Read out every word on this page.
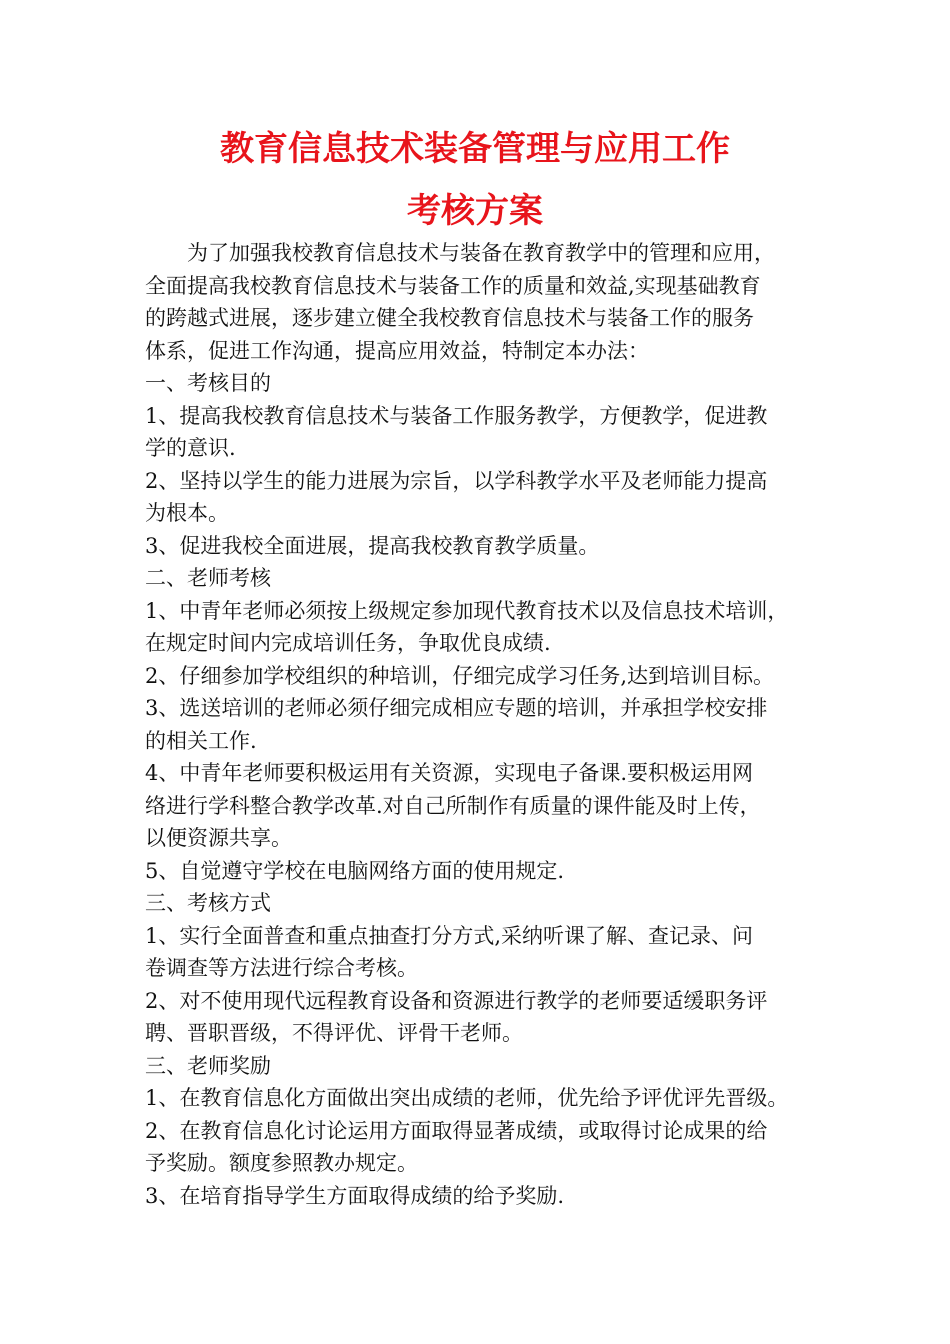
教育信息技术装备管理与应用工作
考核方案

为了加强我校教育信息技术与装备在教育教学中的管理和应用，

全面提高我校教育信息技术与装备工作的质量和效益,实现基础教育

的跨越式进展，逐步建立健全我校教育信息技术与装备工作的服务

体系，促进工作沟通，提高应用效益，特制定本办法：

一、考核目的

1、提高我校教育信息技术与装备工作服务教学，方便教学，促进教

学的意识.

2、坚持以学生的能力进展为宗旨，以学科教学水平及老师能力提高

为根本。

3、促进我校全面进展，提高我校教育教学质量。

二、老师考核

1、中青年老师必须按上级规定参加现代教育技术以及信息技术培训，

在规定时间内完成培训任务，争取优良成绩.

2、仔细参加学校组织的种培训，仔细完成学习任务,达到培训目标。

3、选送培训的老师必须仔细完成相应专题的培训，并承担学校安排

的相关工作.

4、中青年老师要积极运用有关资源，实现电子备课.要积极运用网

络进行学科整合教学改革.对自己所制作有质量的课件能及时上传，

以便资源共享。

5、自觉遵守学校在电脑网络方面的使用规定.

三、考核方式

1、实行全面普查和重点抽查打分方式,采纳听课了解、查记录、问

卷调查等方法进行综合考核。

2、对不使用现代远程教育设备和资源进行教学的老师要适缓职务评

聘、晋职晋级，不得评优、评骨干老师。

三、老师奖励

1、在教育信息化方面做出突出成绩的老师，优先给予评优评先晋级。

2、在教育信息化讨论运用方面取得显著成绩，或取得讨论成果的给

予奖励。额度参照教办规定。

3、在培育指导学生方面取得成绩的给予奖励.
